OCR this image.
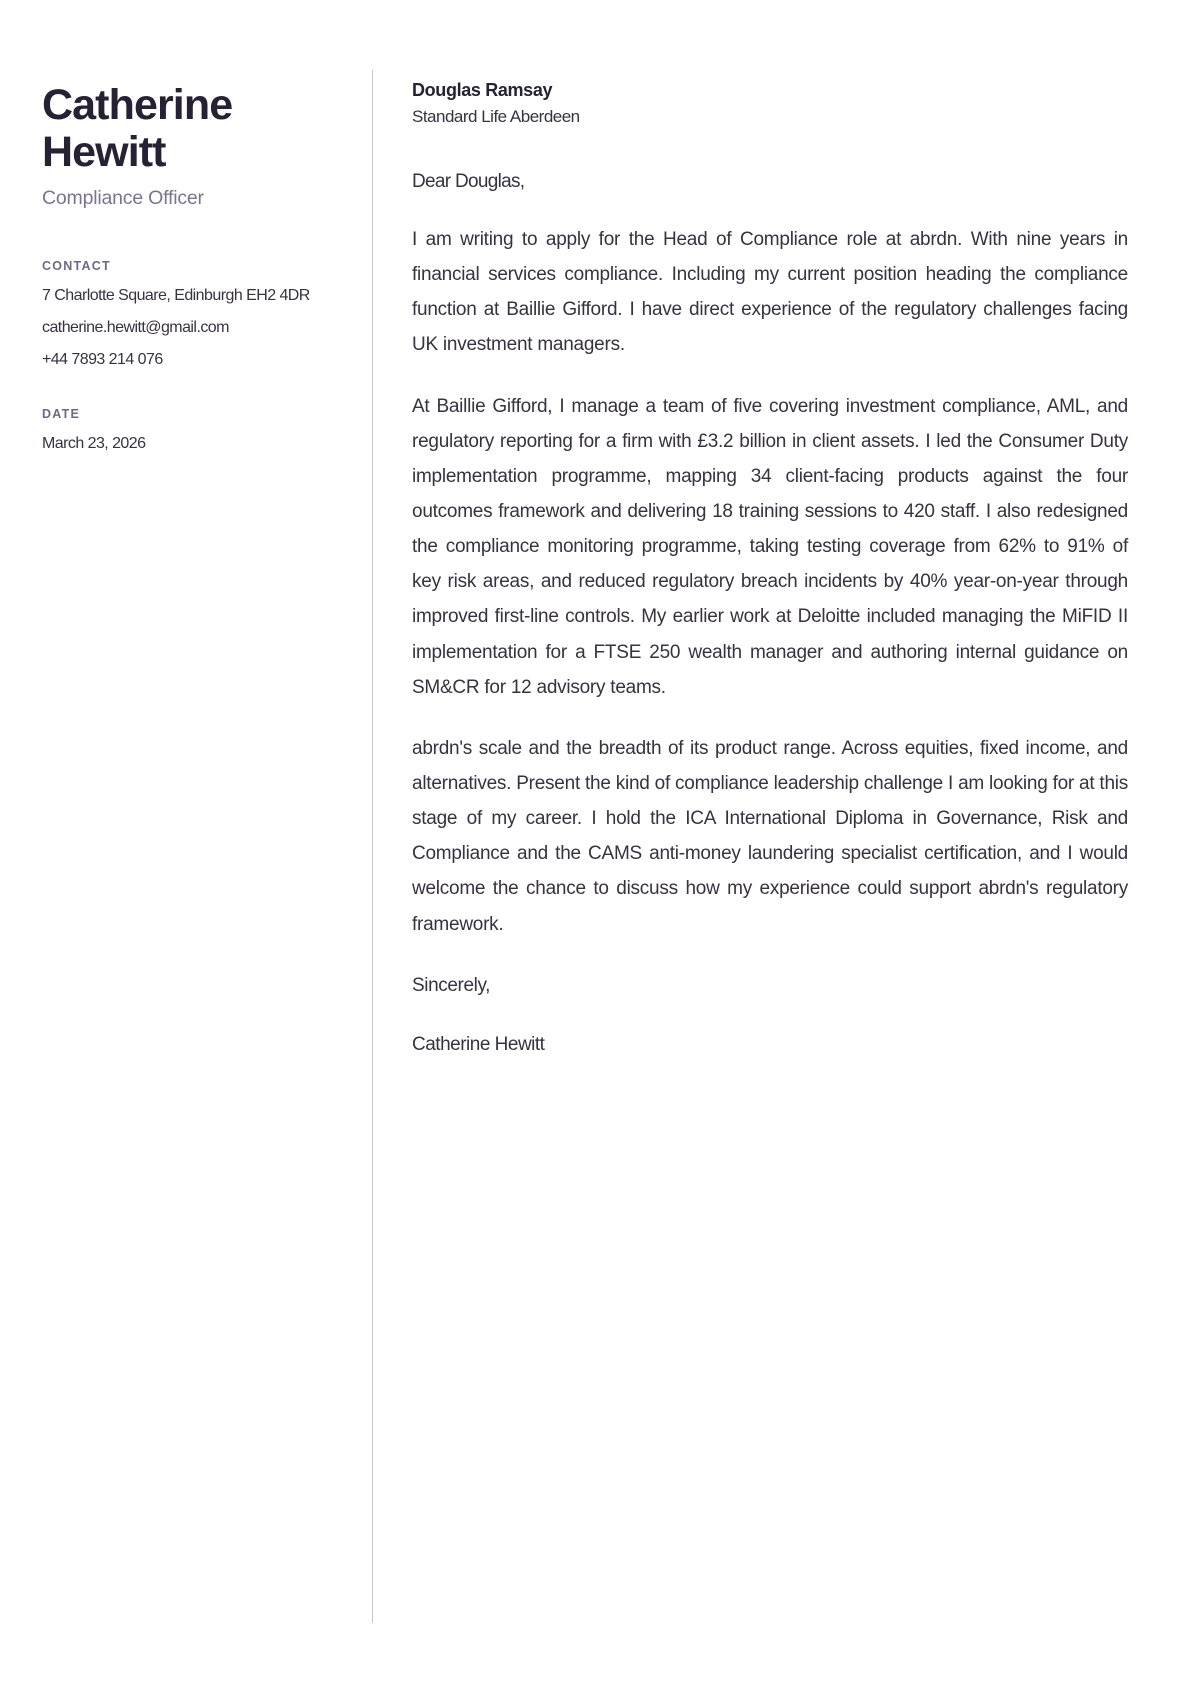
Catherine Hewitt

Compliance Officer

CONTACT

7 Charlotte Square, Edinburgh EH2 4DR

catherine.hewitt@gmail.com

+44 7893 214 076

DATE

March 23, 2026

Douglas Ramsay

Standard Life Aberdeen

Dear Douglas,

I am writing to apply for the Head of Compliance role at abrdn. With nine years in financial services compliance. Including my current position heading the compliance function at Baillie Gifford. I have direct experience of the regulatory challenges facing UK investment managers.

At Baillie Gifford, I manage a team of five covering investment compliance, AML, and regulatory reporting for a firm with £3.2 billion in client assets. I led the Consumer Duty implementation programme, mapping 34 client-facing products against the four outcomes framework and delivering 18 training sessions to 420 staff. I also redesigned the compliance monitoring programme, taking testing coverage from 62% to 91% of key risk areas, and reduced regulatory breach incidents by 40% year-on-year through improved first-line controls. My earlier work at Deloitte included managing the MiFID II implementation for a FTSE 250 wealth manager and authoring internal guidance on SM&CR for 12 advisory teams.

abrdn's scale and the breadth of its product range. Across equities, fixed income, and alternatives. Present the kind of compliance leadership challenge I am looking for at this stage of my career. I hold the ICA International Diploma in Governance, Risk and Compliance and the CAMS anti-money laundering specialist certification, and I would welcome the chance to discuss how my experience could support abrdn's regulatory framework.

Sincerely,

Catherine Hewitt
